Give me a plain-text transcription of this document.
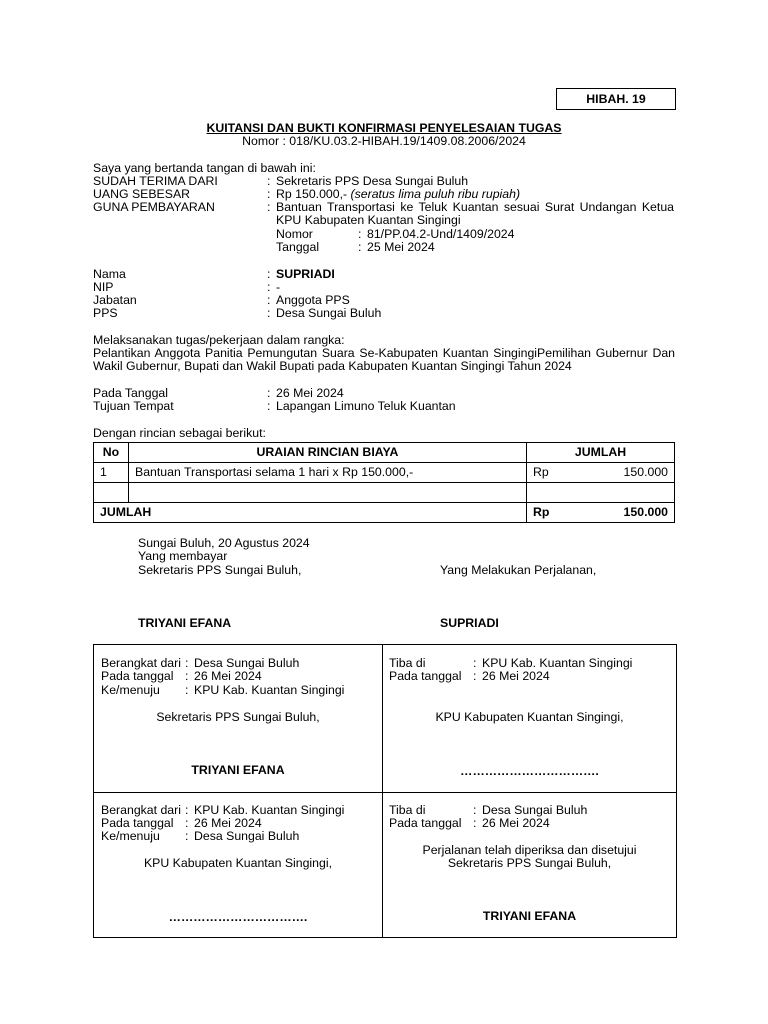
HIBAH. 19
KUITANSI DAN BUKTI KONFIRMASI PENYELESAIAN TUGAS
Nomor : 018/KU.03.2-HIBAH.19/1409.08.2006/2024
Saya yang bertanda tangan di bawah ini:
SUDAH TERIMA DARI	: Sekretaris PPS Desa Sungai Buluh
UANG SEBESAR	: Rp 150.000,- (seratus lima puluh ribu rupiah)
GUNA PEMBAYARAN	: Bantuan Transportasi ke Teluk Kuantan sesuai Surat Undangan Ketua
KPU Kabupaten Kuantan Singingi
Nomor	: 81/PP.04.2-Und/1409/2024
Tanggal	: 25 Mei 2024
Nama	: SUPRIADI
NIP	: -
Jabatan	: Anggota PPS
PPS	: Desa Sungai Buluh
Melaksanakan tugas/pekerjaan dalam rangka:
Pelantikan Anggota Panitia Pemungutan Suara Se-Kabupaten Kuantan SingingiPemilihan Gubernur Dan
Wakil Gubernur, Bupati dan Wakil Bupati pada Kabupaten Kuantan Singingi Tahun 2024
Pada Tanggal	: 26 Mei 2024
Tujuan Tempat	: Lapangan Limuno Teluk Kuantan
Dengan rincian sebagai berikut:
No	URAIAN RINCIAN BIAYA	JUMLAH
1	Bantuan Transportasi selama 1 hari x Rp 150.000,-	Rp 150.000

JUMLAH		Rp 150.000
Sungai Buluh, 20 Agustus 2024
Yang membayar
Sekretaris PPS Sungai Buluh,	Yang Melakukan Perjalanan,
TRIYANI EFANA	SUPRIADI
Berangkat dari : Desa Sungai Buluh
Pada tanggal : 26 Mei 2024
Ke/menuju : KPU Kab. Kuantan Singingi
Sekretaris PPS Sungai Buluh,
TRIYANI EFANA
Tiba di	: KPU Kab. Kuantan Singingi
Pada tanggal : 26 Mei 2024
KPU Kabupaten Kuantan Singingi,
…………………………….
Berangkat dari : KPU Kab. Kuantan Singingi
Pada tanggal : 26 Mei 2024
Ke/menuju : Desa Sungai Buluh
KPU Kabupaten Kuantan Singingi,
…………………………….
Tiba di	: Desa Sungai Buluh
Pada tanggal : 26 Mei 2024
Perjalanan telah diperiksa dan disetujui
Sekretaris PPS Sungai Buluh,
TRIYANI EFANA
